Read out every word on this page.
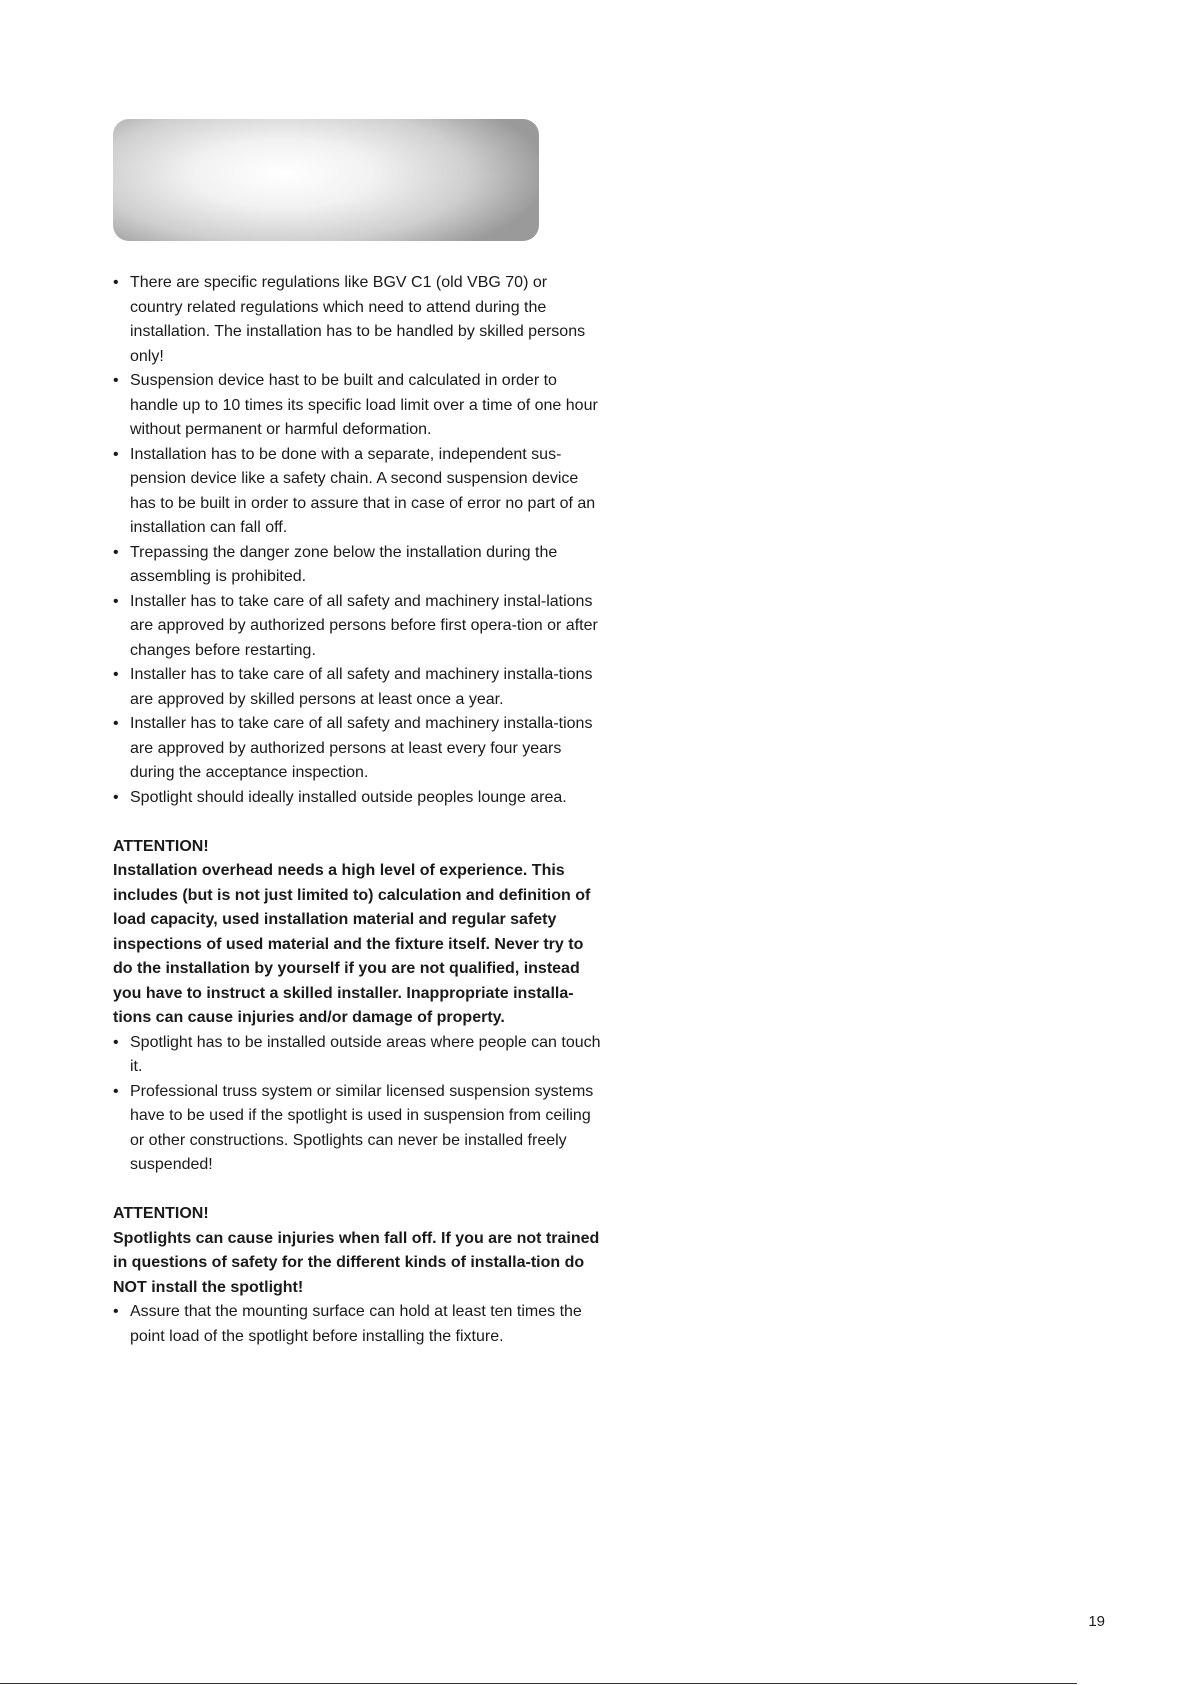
• There are specific regulations like BGV C1 (old VBG 70) or country related regulations which need to attend during the installation. The installation has to be handled by skilled persons only!
• Suspension device hast to be built and calculated in order to handle up to 10 times its specific load limit over a time of one hour without permanent or harmful deformation.
• Installation has to be done with a separate, independent sus-pension device like a safety chain. A second suspension device has to be built in order to assure that in case of error no part of an installation can fall off.
• Trepassing the danger zone below the installation during the assembling is prohibited.
• Installer has to take care of all safety and machinery instal-lations are approved by authorized persons before first opera-tion or after changes before restarting.
• Installer has to take care of all safety and machinery installa-tions are approved by skilled persons at least once a year.
• Installer has to take care of all safety and machinery installa-tions are approved by authorized persons at least every four years during the acceptance inspection.
• Spotlight should ideally installed outside peoples lounge area.

ATTENTION!

Installation overhead needs a high level of experience. This includes (but is not just limited to) calculation and definition of load capacity, used installation material and regular safety inspections of used material and the fixture itself. Never try to do the installation by yourself if you are not qualified, instead you have to instruct a skilled installer. Inappropriate installa-tions can cause injuries and/or damage of property.

• Spotlight has to be installed outside areas where people can touch it.
• Professional truss system or similar licensed suspension systems have to be used if the spotlight is used in suspension from ceiling or other constructions. Spotlights can never be installed freely suspended!

ATTENTION!

Spotlights can cause injuries when fall off. If you are not trained in questions of safety for the different kinds of installa-tion do NOT install the spotlight!

• Assure that the mounting surface can hold at least ten times the point load of the spotlight before installing the fixture.
19
